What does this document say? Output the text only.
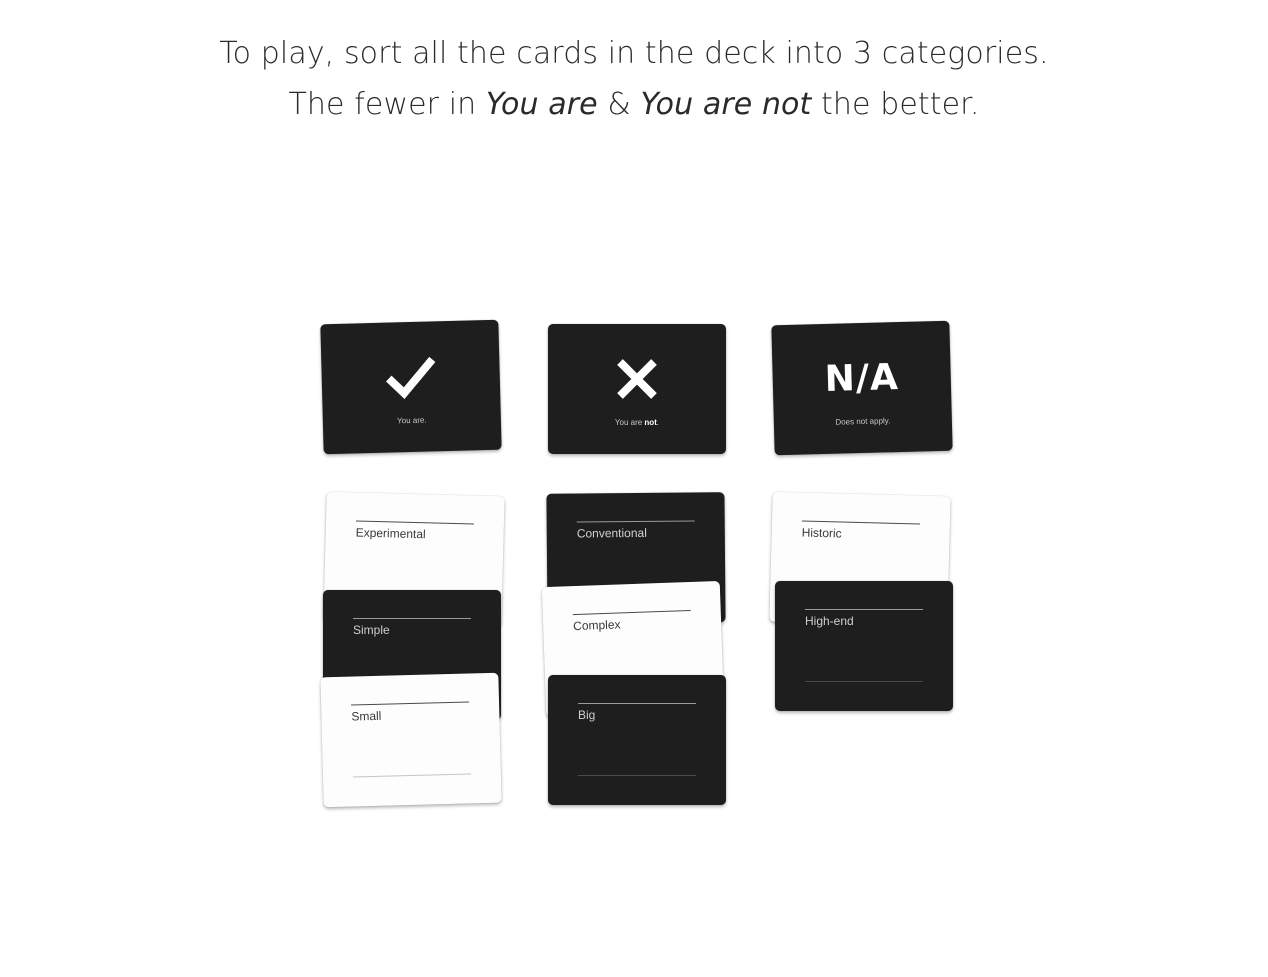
To play, sort all the cards in the deck into 3 categories.
The fewer in You are & You are not the better.
You are.	You are not.
N/A
Does not apply.
Experimental
Simple
Small
Conventional
Complex
Big
Historic
High-end
